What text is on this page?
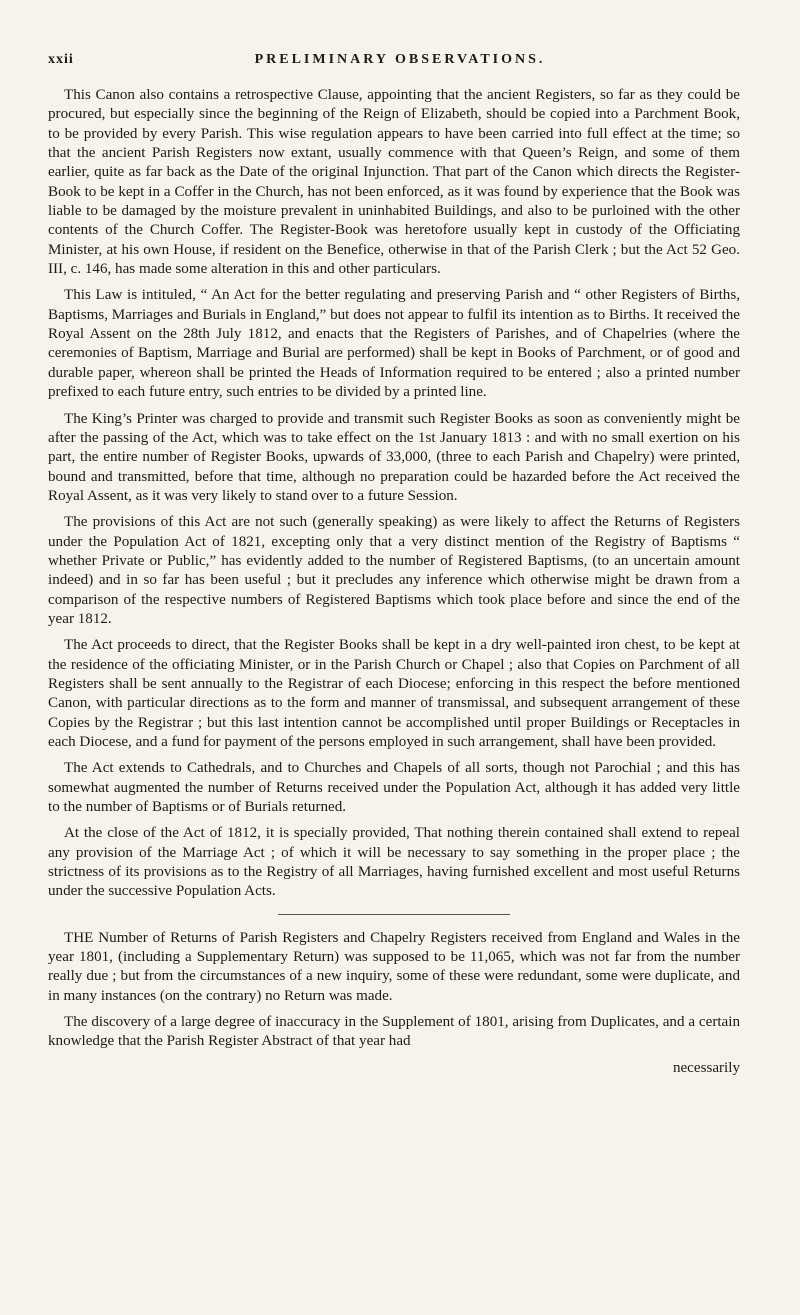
xxii	PRELIMINARY OBSERVATIONS.

This Canon also contains a retrospective Clause, appointing that the ancient Registers, so far as they could be procured, but especially since the beginning of the Reign of Elizabeth, should be copied into a Parchment Book, to be provided by every Parish. This wise regulation appears to have been carried into full effect at the time; so that the ancient Parish Registers now extant, usually commence with that Queen’s Reign, and some of them earlier, quite as far back as the Date of the original Injunction. That part of the Canon which directs the Register-Book to be kept in a Coffer in the Church, has not been enforced, as it was found by experience that the Book was liable to be damaged by the moisture prevalent in uninhabited Buildings, and also to be purloined with the other contents of the Church Coffer. The Register-Book was heretofore usually kept in custody of the Officiating Minister, at his own House, if resident on the Benefice, otherwise in that of the Parish Clerk ; but the Act 52 Geo. III, c. 146, has made some alteration in this and other particulars.

This Law is intituled, “ An Act for the better regulating and preserving Parish and “ other Registers of Births, Baptisms, Marriages and Burials in England,” but does not appear to fulfil its intention as to Births. It received the Royal Assent on the 28th July 1812, and enacts that the Registers of Parishes, and of Chapelries (where the ceremonies of Baptism, Marriage and Burial are performed) shall be kept in Books of Parchment, or of good and durable paper, whereon shall be printed the Heads of Information required to be entered ; also a printed number prefixed to each future entry, such entries to be divided by a printed line.

The King’s Printer was charged to provide and transmit such Register Books as soon as conveniently might be after the passing of the Act, which was to take effect on the 1st January 1813 : and with no small exertion on his part, the entire number of Register Books, upwards of 33,000, (three to each Parish and Chapelry) were printed, bound and transmitted, before that time, although no preparation could be hazarded before the Act received the Royal Assent, as it was very likely to stand over to a future Session.

The provisions of this Act are not such (generally speaking) as were likely to affect the Returns of Registers under the Population Act of 1821, excepting only that a very distinct mention of the Registry of Baptisms “ whether Private or Public,” has evidently added to the number of Registered Baptisms, (to an uncertain amount indeed) and in so far has been useful ; but it precludes any inference which otherwise might be drawn from a comparison of the respective numbers of Registered Baptisms which took place before and since the end of the year 1812.

The Act proceeds to direct, that the Register Books shall be kept in a dry well-painted iron chest, to be kept at the residence of the officiating Minister, or in the Parish Church or Chapel ; also that Copies on Parchment of all Registers shall be sent annually to the Registrar of each Diocese; enforcing in this respect the before mentioned Canon, with particular directions as to the form and manner of transmissal, and subsequent arrangement of these Copies by the Registrar ; but this last intention cannot be accomplished until proper Buildings or Receptacles in each Diocese, and a fund for payment of the persons employed in such arrangement, shall have been provided.

The Act extends to Cathedrals, and to Churches and Chapels of all sorts, though not Parochial ; and this has somewhat augmented the number of Returns received under the Population Act, although it has added very little to the number of Baptisms or of Burials returned.

At the close of the Act of 1812, it is specially provided, That nothing therein contained shall extend to repeal any provision of the Marriage Act ; of which it will be necessary to say something in the proper place ; the strictness of its provisions as to the Registry of all Marriages, having furnished excellent and most useful Returns under the successive Population Acts.

THE Number of Returns of Parish Registers and Chapelry Registers received from England and Wales in the year 1801, (including a Supplementary Return) was supposed to be 11,065, which was not far from the number really due ; but from the circumstances of a new inquiry, some of these were redundant, some were duplicate, and in many instances (on the contrary) no Return was made.

The discovery of a large degree of inaccuracy in the Supplement of 1801, arising from Duplicates, and a certain knowledge that the Parish Register Abstract of that year had

necessarily
